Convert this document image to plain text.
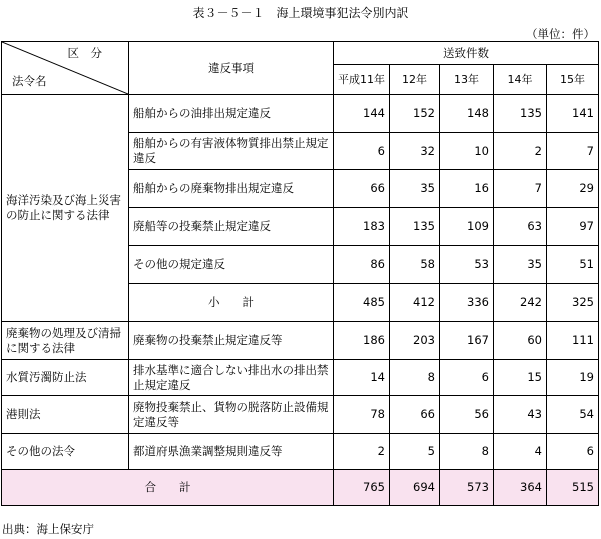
表３－５－１　海上環境事犯法令別内訳
（単位：件）
区　分
法令名	違反事項	送致件数				
		平成11年	12年	13年	14年	15年
海洋汚染及び海上災害の防止に関する法律	船舶からの油排出規定違反	144	152	148	135	141
	船舶からの有害液体物質排出禁止規定違反	6	32	10	2	7
	船舶からの廃棄物排出規定違反	66	35	16	7	29
	廃船等の投棄禁止規定違反	183	135	109	63	97
	その他の規定違反	86	58	53	35	51
	小　　計	485	412	336	242	325
廃棄物の処理及び清掃に関する法律	廃棄物の投棄禁止規定違反等	186	203	167	60	111
水質汚濁防止法	排水基準に適合しない排出水の排出禁止規定違反	14	8	6	15	19
港則法	廃物投棄禁止、貨物の脱落防止設備規定違反等	78	66	56	43	54
その他の法令	都道府県漁業調整規則違反等	2	5	8	4	6
合　　計		765	694	573	364	515
出典：海上保安庁
